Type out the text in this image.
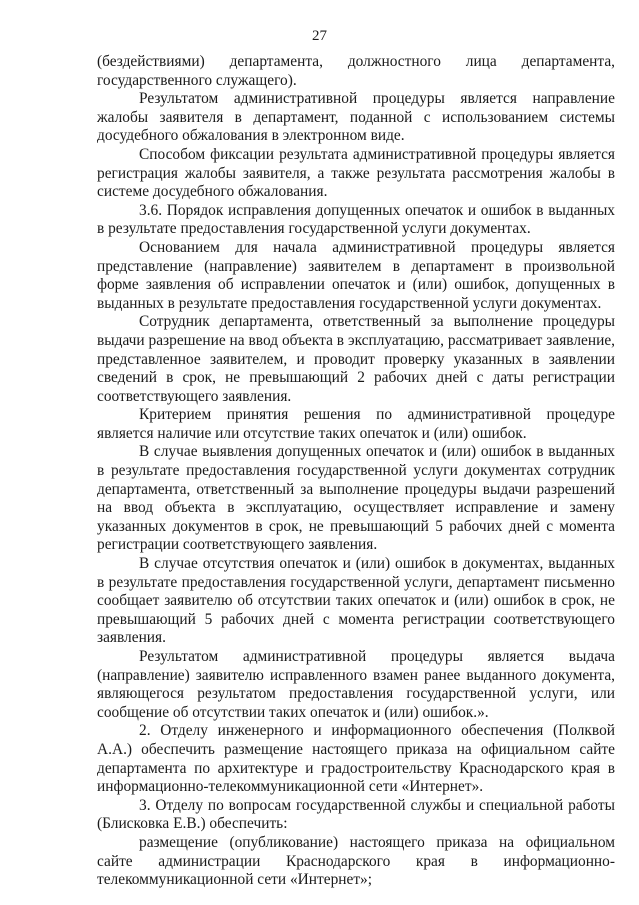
27

(бездействиями) департамента, должностного лица департамента, государственного служащего).

Результатом административной процедуры является направление жалобы заявителя в департамент, поданной с использованием системы досудебного обжалования в электронном виде.

Способом фиксации результата административной процедуры является регистрация жалобы заявителя, а также результата рассмотрения жалобы в системе досудебного обжалования.

3.6. Порядок исправления допущенных опечаток и ошибок в выданных в результате предоставления государственной услуги документах.

Основанием для начала административной процедуры является представление (направление) заявителем в департамент в произвольной форме заявления об исправлении опечаток и (или) ошибок, допущенных в выданных в результате предоставления государственной услуги документах.

Сотрудник департамента, ответственный за выполнение процедуры выдачи разрешение на ввод объекта в эксплуатацию, рассматривает заявление, представленное заявителем, и проводит проверку указанных в заявлении сведений в срок, не превышающий 2 рабочих дней с даты регистрации соответствующего заявления.

Критерием принятия решения по административной процедуре является наличие или отсутствие таких опечаток и (или) ошибок.

В случае выявления допущенных опечаток и (или) ошибок в выданных в результате предоставления государственной услуги документах сотрудник департамента, ответственный за выполнение процедуры выдачи разрешений на ввод объекта в эксплуатацию, осуществляет исправление и замену указанных документов в срок, не превышающий 5 рабочих дней с момента регистрации соответствующего заявления.

В случае отсутствия опечаток и (или) ошибок в документах, выданных в результате предоставления государственной услуги, департамент письменно сообщает заявителю об отсутствии таких опечаток и (или) ошибок в срок, не превышающий 5 рабочих дней с момента регистрации соответствующего заявления.

Результатом административной процедуры является выдача (направление) заявителю исправленного взамен ранее выданного документа, являющегося результатом предоставления государственной услуги, или сообщение об отсутствии таких опечаток и (или) ошибок.».

2. Отделу инженерного и информационного обеспечения (Полквой А.А.) обеспечить размещение настоящего приказа на официальном сайте департамента по архитектуре и градостроительству Краснодарского края в информационно-телекоммуникационной сети «Интернет».

3. Отделу по вопросам государственной службы и специальной работы (Блисковка Е.В.) обеспечить:

размещение (опубликование) настоящего приказа на официальном сайте администрации Краснодарского края в информационно-телекоммуникационной сети «Интернет»;
